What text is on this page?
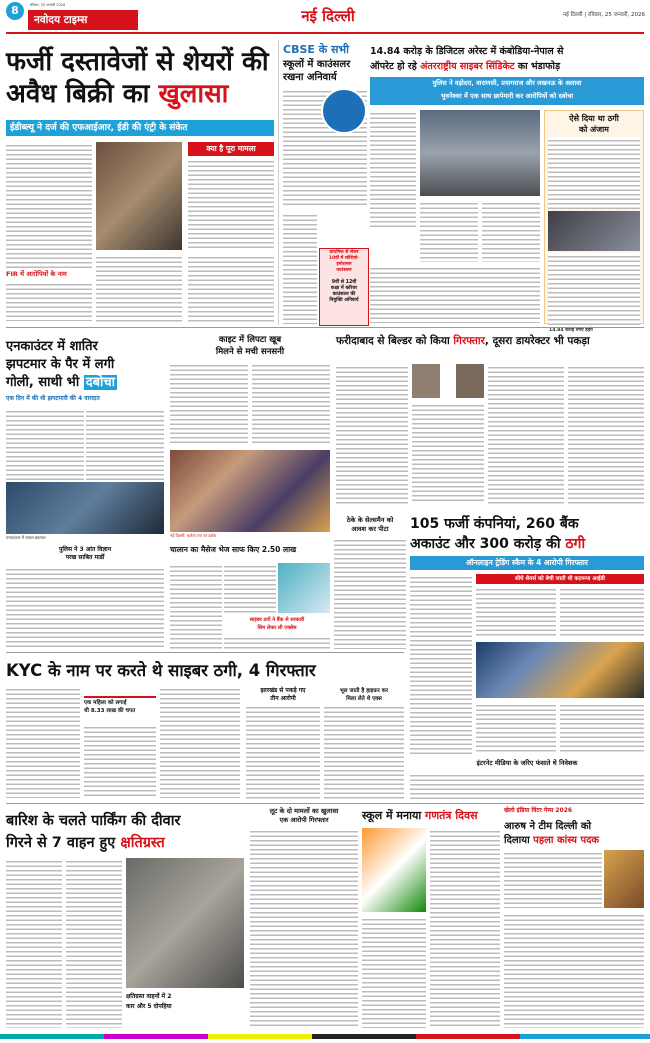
8	रविवार, 25 जनवरी 2026
नवोदय टाइम्स	नई दिल्ली	नई दिल्ली | रविवार, 25 जनवरी, 2026
फर्जी दस्तावेजों से शेयरों की
अवैध बिक्री का खुलासा
ईडीब्ल्यू ने दर्ज की एफआईआर, ईडी की एंट्री के संकेत
FIR में आरोपियों के नाम
क्या है पूरा मामला
CBSE के सभी
स्कूलों में काउंसलर
रखना अनिवार्य
प्राथमिक से लेकर
10वीं में सोशियो-
इमोशनल
काउंसलर
9वीं से 12वीं
कक्षा में करियर
काउंसलर की
नियुक्ति अनिवार्य
14.84 करोड़ के डिजिटल अरेस्ट में कंबोडिया-नेपाल से
ऑपरेट हो रहे अंतरराष्ट्रीय साइबर सिंडिकेट का भंडाफोड़
पुलिस ने वड़ोदरा, वाराणसी, प्रयागराज और लखनऊ के अलावा
भुवनेश्वर में एक साथ छापेमारी कर आरोपियों को दबोचा
ऐसे दिया था ठगी
को अंजाम
14.84 करोड़ रुपए हड़पे
एनकाउंटर में शातिर
झपटमार के पैर में लगी
गोली, साथी भी दबोचा
एक दिन में की थी झपटमारी की 4 वारदात
एनकाउंटर में घायल बदमाश
काइट में लिपटा खूब
मिलने से मची सनसनी
नई दिल्ली: कर्तव्य पथ पर दर्शक
फरीदाबाद से बिल्डर को किया गिरफ्तार, दूसरा डायरेक्टर भी पकड़ा
पुलिस ने 3 आंत विज्ञान
परख साबित मार्डी
चालान का मैसेज भेज साफ किए 2.50 लाख
साइबर ठगों ने बैंक से सरकारी
सिम लेकर ली एक्सेस
ठेके के सेल्समैन को
आवश कर पीटा	105 फर्जी कंपनियां, 260 बैंक
अकाउंट और 300 करोड़ की ठगी
ऑनलाइन ट्रेडिंग स्कैम के 4 आरोपी गिरफ्तार
सीधे शेयर्स को बेची जाती थी कटमन्ज आईडी
इंटरनेट मीडिया के जरिए फंसाते थे निवेशक
KYC के नाम पर करते थे साइबर ठगी, 4 गिरफ्तार
एक महिला को लगाई
थी 8.33 लाख की चपत
झारखंड से पकड़े गए
तीन आरोपी
भूल जाती है हाइफ़र कर
मिला लेते थे एक्स
बारिश के चलते पार्किंग की दीवार
गिरने से 7 वाहन हुए क्षतिग्रस्त
क्षतिग्रस्त वाहनों में 2
कार और 5 दोपहिया
लूट के दो मामलों का खुलासा
एक आरोपी गिरफ्तार	स्कूल में मनाया गणतंत्र दिवस	खेलो इंडिया विंटर गेम्स 2026
आरुष ने टीम दिल्ली को
दिलाया पहला कांस्य पदक
